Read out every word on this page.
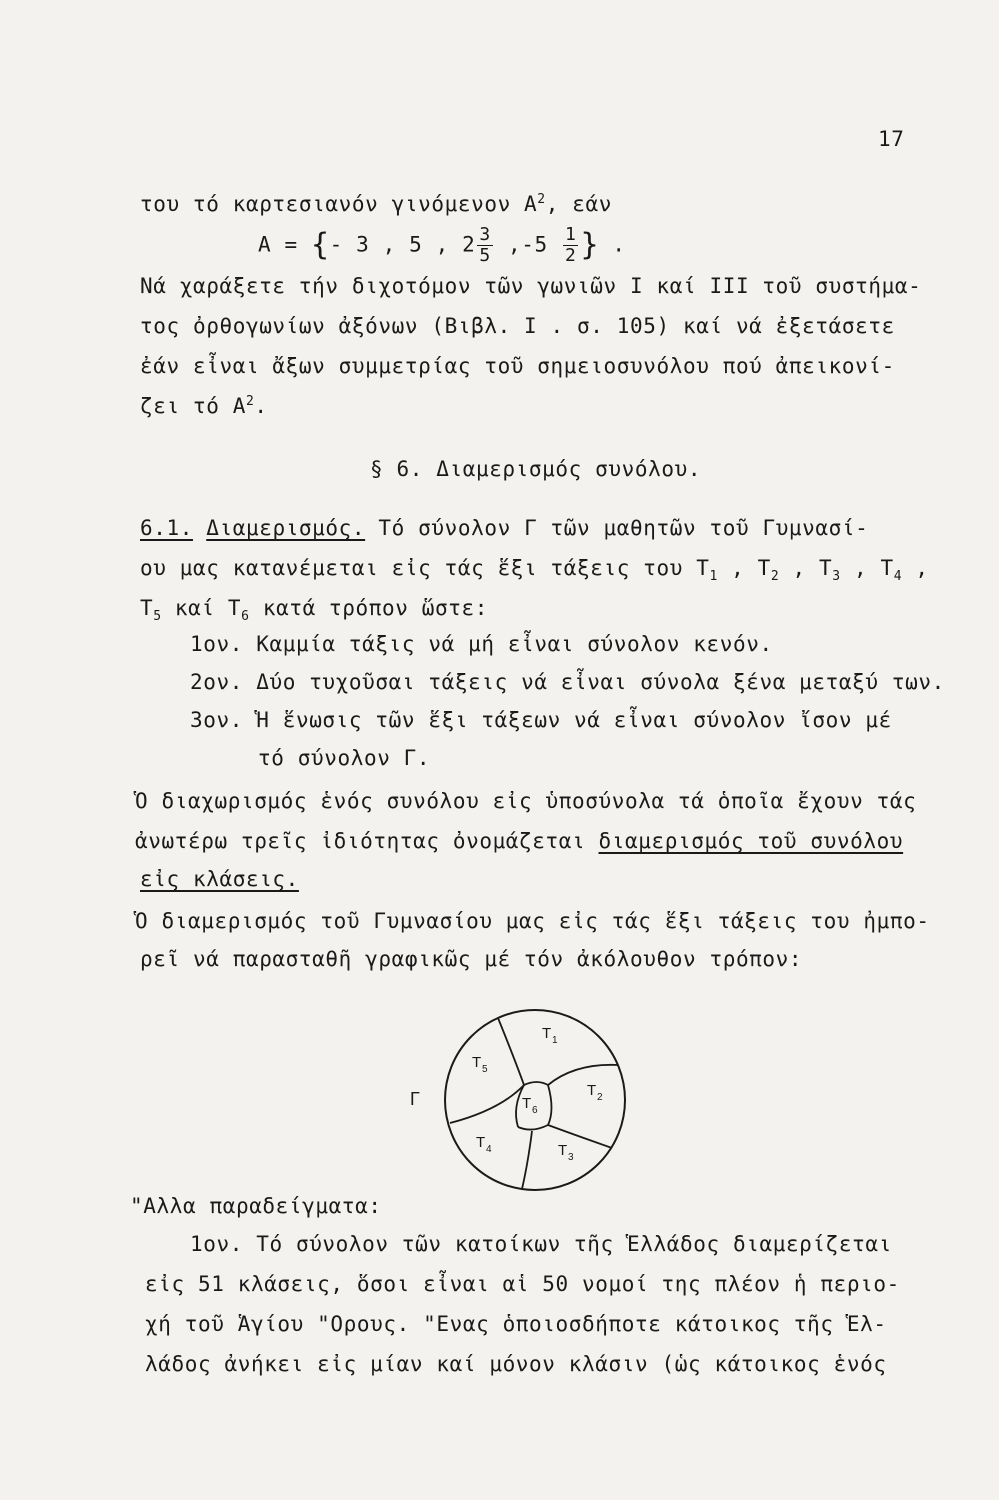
17
του τό καρτεσιανόν γινόμενον $A^2$, εάν
Α = {- 3 , 5 , $2 \frac{3}{5} ,-5 \frac{1}{2}$ } .
Νά χαράξετε τήν διχοτόμον τῶν γωνιῶν Ι καί ΙΙΙ τοῦ συστήμα-
τος ὀρθογωνίων ἀξόνων (Βιβλ. Ι . σ. 105) καί νά ἐξετάσετε
ἐάν εἶναι ἄξων συμμετρίας τοῦ σημειοσυνόλου πού ἀπεικονί-
ζει τό $A^2$.
§ 6. Διαμερισμός συνόλου.
6.1. Διαμερισμός. Τό σύνολον Γ τῶν μαθητῶν τοῦ Γυμνασί-
ου μας κατανέμεται εἰς τάς ἕξι τάξεις του $T_1$ , $T_2$ , $T_3$ , $T_4$ ,
$T_5$ καί $T_6$ κατά τρόπον ὥστε:
1ον. Καμμία τάξις νά μή εἶναι σύνολον κενόν.
2ον. Δύο τυχοῦσαι τάξεις νά εἶναι σύνολα ξένα μεταξύ των.
3ον. Ἡ ἕνωσις τῶν ἕξι τάξεων νά εἶναι σύνολον ἴσον μέ
τό σύνολον Γ.
Ὁ διαχωρισμός ἑνός συνόλου εἰς ὑποσύνολα τά ὁποῖα ἔχουν τάς
ἀνωτέρω τρεῖς ἰδιότητας ὀνομάζεται διαμερισμός τοῦ συνόλου
εἰς κλάσεις.
Ὁ διαμερισμός τοῦ Γυμνασίου μας εἰς τάς ἕξι τάξεις του ἠμπο-
ρεῖ νά παρασταθῆ γραφικῶς μέ τόν ἀκόλουθον τρόπον:
Γ
T 1
T 2
T 3
T 4
T 5
T 6
"Αλλα παραδείγματα:
1ον. Τό σύνολον τῶν κατοίκων τῆς Ἑλλάδος διαμερίζεται
εἰς 51 κλάσεις, ὅσοι εἶναι αἱ 50 νομοί της πλέον ἡ περιο-
χή τοῦ Ἁγίου "Ορους. "Ενας ὁποιοσδήποτε κάτοικος τῆς Ἑλ-
λάδος ἀνήκει εἰς μίαν καί μόνον κλάσιν (ὡς κάτοικος ἑνός
